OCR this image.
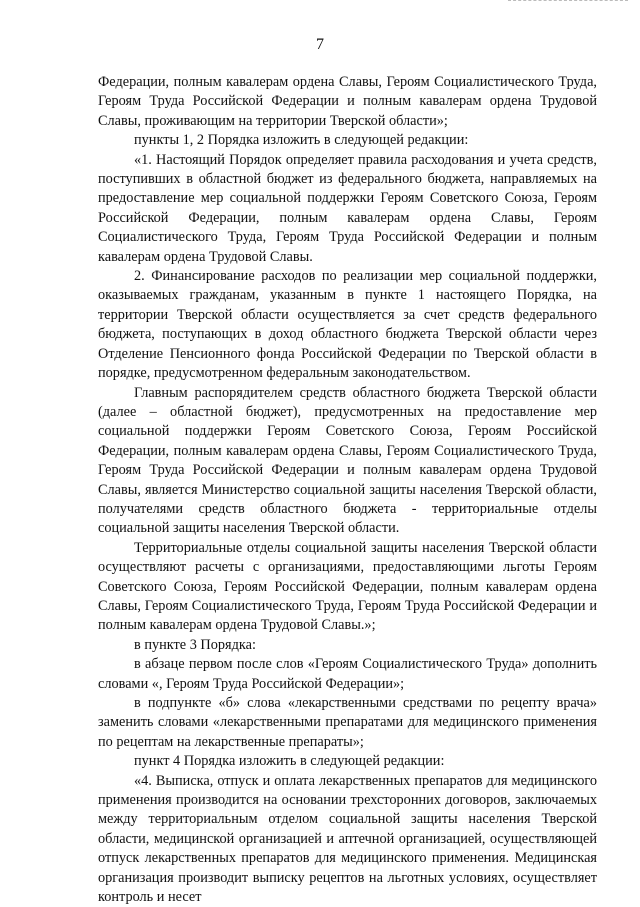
7

Федерации, полным кавалерам ордена Славы, Героям Социалистического Труда, Героям Труда Российской Федерации и полным кавалерам ордена Трудовой Славы, проживающим на территории Тверской области»;

пункты 1, 2 Порядка изложить в следующей редакции:

«1. Настоящий Порядок определяет правила расходования и учета средств, поступивших в областной бюджет из федерального бюджета, направляемых на предоставление мер социальной поддержки Героям Советского Союза, Героям Российской Федерации, полным кавалерам ордена Славы, Героям Социалистического Труда, Героям Труда Российской Федерации и полным кавалерам ордена Трудовой Славы.

2. Финансирование расходов по реализации мер социальной поддержки, оказываемых гражданам, указанным в пункте 1 настоящего Порядка, на территории Тверской области осуществляется за счет средств федерального бюджета, поступающих в доход областного бюджета Тверской области через Отделение Пенсионного фонда Российской Федерации по Тверской области в порядке, предусмотренном федеральным законодательством.

Главным распорядителем средств областного бюджета Тверской области (далее – областной бюджет), предусмотренных на предоставление мер социальной поддержки Героям Советского Союза, Героям Российской Федерации, полным кавалерам ордена Славы, Героям Социалистического Труда, Героям Труда Российской Федерации и полным кавалерам ордена Трудовой Славы, является Министерство социальной защиты населения Тверской области, получателями средств областного бюджета - территориальные отделы социальной защиты населения Тверской области.

Территориальные отделы социальной защиты населения Тверской области осуществляют расчеты с организациями, предоставляющими льготы Героям Советского Союза, Героям Российской Федерации, полным кавалерам ордена Славы, Героям Социалистического Труда, Героям Труда Российской Федерации и полным кавалерам ордена Трудовой Славы.»;

в пункте 3 Порядка:

в абзаце первом после слов «Героям Социалистического Труда» дополнить словами «, Героям Труда Российской Федерации»;

в подпункте «б» слова «лекарственными средствами по рецепту врача» заменить словами «лекарственными препаратами для медицинского применения по рецептам на лекарственные препараты»;

пункт 4 Порядка изложить в следующей редакции:

«4. Выписка, отпуск и оплата лекарственных препаратов для медицинского применения производится на основании трехсторонних договоров, заключаемых между территориальным отделом социальной защиты населения Тверской области, медицинской организацией и аптечной организацией, осуществляющей отпуск лекарственных препаратов для медицинского применения. Медицинская организация производит выписку рецептов на льготных условиях, осуществляет контроль и несет
